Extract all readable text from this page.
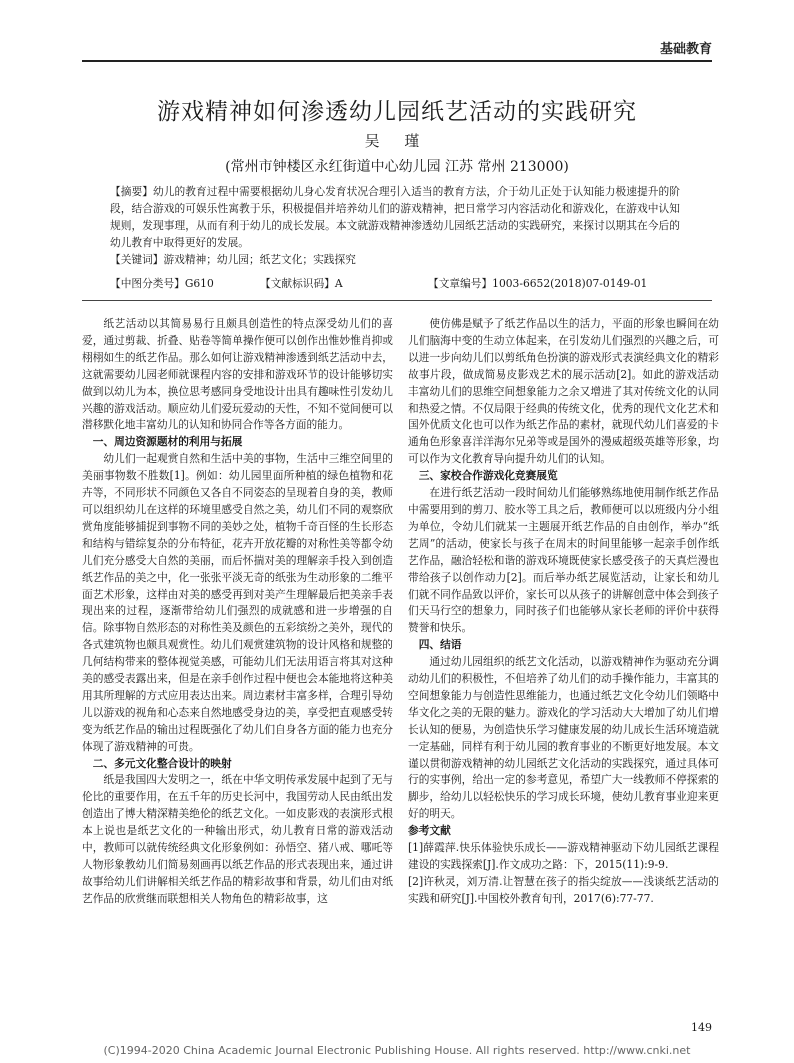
基础教育
游戏精神如何渗透幼儿园纸艺活动的实践研究
吴 瑾
(常州市钟楼区永红街道中心幼儿园 江苏 常州 213000)

【摘要】幼儿的教育过程中需要根据幼儿身心发育状况合理引入适当的教育方法，介于幼儿正处于认知能力极速提升的阶段，结合游戏的可娱乐性寓教于乐，积极提倡并培养幼儿们的游戏精神，把日常学习内容活动化和游戏化，在游戏中认知规则，发现事理，从而有利于幼儿的成长发展。本文就游戏精神渗透幼儿园纸艺活动的实践研究，来探讨以期其在今后的幼儿教育中取得更好的发展。

【关键词】游戏精神；幼儿园；纸艺文化；实践探究

【中图分类号】G610	【文献标识码】A	【文章编号】1003-6652(2018)07-0149-01

纸艺活动以其简易易行且颇具创造性的特点深受幼儿们的喜爱，通过剪裁、折叠、贴卷等简单操作便可以创作出惟妙惟肖抑或栩栩如生的纸艺作品。那么如何让游戏精神渗透到纸艺活动中去，这就需要幼儿园老师就课程内容的安排和游戏环节的设计能够切实做到以幼儿为本，换位思考感同身受地设计出具有趣味性引发幼儿兴趣的游戏活动。顺应幼儿们爱玩爱动的天性，不知不觉间便可以潜移默化地丰富幼儿的认知和协同合作等各方面的能力。

一、周边资源题材的利用与拓展

幼儿们一起观赏自然和生活中美的事物，生活中三维空间里的美丽事物数不胜数[1]。例如：幼儿园里面所种植的绿色植物和花卉等，不同形状不同颜色又各自不同姿态的呈现着自身的美，教师可以组织幼儿在这样的环境里感受自然之美，幼儿们不同的观察欣赏角度能够捕捉到事物不同的美妙之处，植物千奇百怪的生长形态和结构与错综复杂的分布特征，花卉开放花瓣的对称性美等都令幼儿们充分感受大自然的美丽，而后怀揣对美的理解亲手投入到创造纸艺作品的美之中，化一张张平淡无奇的纸张为生动形象的二维平面艺术形象，这样由对美的感受再到对美产生理解最后把美亲手表现出来的过程，逐渐带给幼儿们强烈的成就感和进一步增强的自信。除事物自然形态的对称性美及颜色的五彩缤纷之美外，现代的各式建筑物也颇具观赏性。幼儿们观赏建筑物的设计风格和规整的几何结构带来的整体视觉美感，可能幼儿们无法用语言将其对这种美的感受表露出来，但是在亲手创作过程中便也会本能地将这种美用其所理解的方式应用表达出来。周边素材丰富多样，合理引导幼儿以游戏的视角和心态来自然地感受身边的美，享受把直观感受转变为纸艺作品的输出过程既强化了幼儿们自身各方面的能力也充分体现了游戏精神的可贵。

二、多元文化整合设计的映射

纸是我国四大发明之一，纸在中华文明传承发展中起到了无与伦比的重要作用，在五千年的历史长河中，我国劳动人民由纸出发创造出了博大精深精美绝伦的纸艺文化。一如皮影戏的表演形式根本上说也是纸艺文化的一种输出形式，幼儿教育日常的游戏活动中，教师可以就传统经典文化形象例如：孙悟空、猪八戒、哪吒等人物形象教幼儿们简易刻画再以纸艺作品的形式表现出来，通过讲故事给幼儿们讲解相关纸艺作品的精彩故事和背景，幼儿们由对纸艺作品的欣赏继而联想相关人物角色的精彩故事，这

使仿佛是赋予了纸艺作品以生的活力，平面的形象也瞬间在幼儿们脑海中变的生动立体起来，在引发幼儿们强烈的兴趣之后，可以进一步向幼儿们以剪纸角色扮演的游戏形式表演经典文化的精彩故事片段，做成简易皮影戏艺术的展示活动[2]。如此的游戏活动丰富幼儿们的思维空间想象能力之余又增进了其对传统文化的认同和热爱之情。不仅局限于经典的传统文化，优秀的现代文化艺术和国外优质文化也可以作为纸艺作品的素材，就现代幼儿们喜爱的卡通角色形象喜洋洋海尔兄弟等或是国外的漫威超级英雄等形象，均可以作为文化教育导向提升幼儿们的认知。

三、家校合作游戏化竞赛展览

在进行纸艺活动一段时间幼儿们能够熟练地使用制作纸艺作品中需要用到的剪刀、胶水等工具之后，教师便可以以班级内分小组为单位，令幼儿们就某一主题展开纸艺作品的自由创作，举办“纸艺周”的活动，使家长与孩子在周末的时间里能够一起亲手创作纸艺作品，融洽轻松和谐的游戏环境既使家长感受孩子的天真烂漫也带给孩子以创作动力[2]。而后举办纸艺展览活动，让家长和幼儿们就不同作品致以评价，家长可以从孩子的讲解创意中体会到孩子们天马行空的想象力，同时孩子们也能够从家长老师的评价中获得赞誉和快乐。

四、结语

通过幼儿园组织的纸艺文化活动，以游戏精神作为驱动充分调动幼儿们的积极性，不但培养了幼儿们的动手操作能力，丰富其的空间想象能力与创造性思维能力，也通过纸艺文化令幼儿们领略中华文化之美的无限的魅力。游戏化的学习活动大大增加了幼儿们增长认知的便易，为创造快乐学习健康发展的幼儿成长生活环境造就一定基础，同样有利于幼儿园的教育事业的不断更好地发展。本文谨以贯彻游戏精神的幼儿园纸艺文化活动的实践探究，通过具体可行的实事例，给出一定的参考意见，希望广大一线教师不停探索的脚步，给幼儿以轻松快乐的学习成长环境，使幼儿教育事业迎来更好的明天。

参考文献

[1]薛霞萍.快乐体验快乐成长——游戏精神驱动下幼儿园纸艺课程建设的实践探索[J].作文成功之路：下，2015(11):9-9.

[2]许秋灵，刘万清.让智慧在孩子的指尖绽放——浅谈纸艺活动的实践和研究[J].中国校外教育旬刊，2017(6):77-77.

149
(C)1994-2020 China Academic Journal Electronic Publishing House. All rights reserved. http://www.cnki.net
